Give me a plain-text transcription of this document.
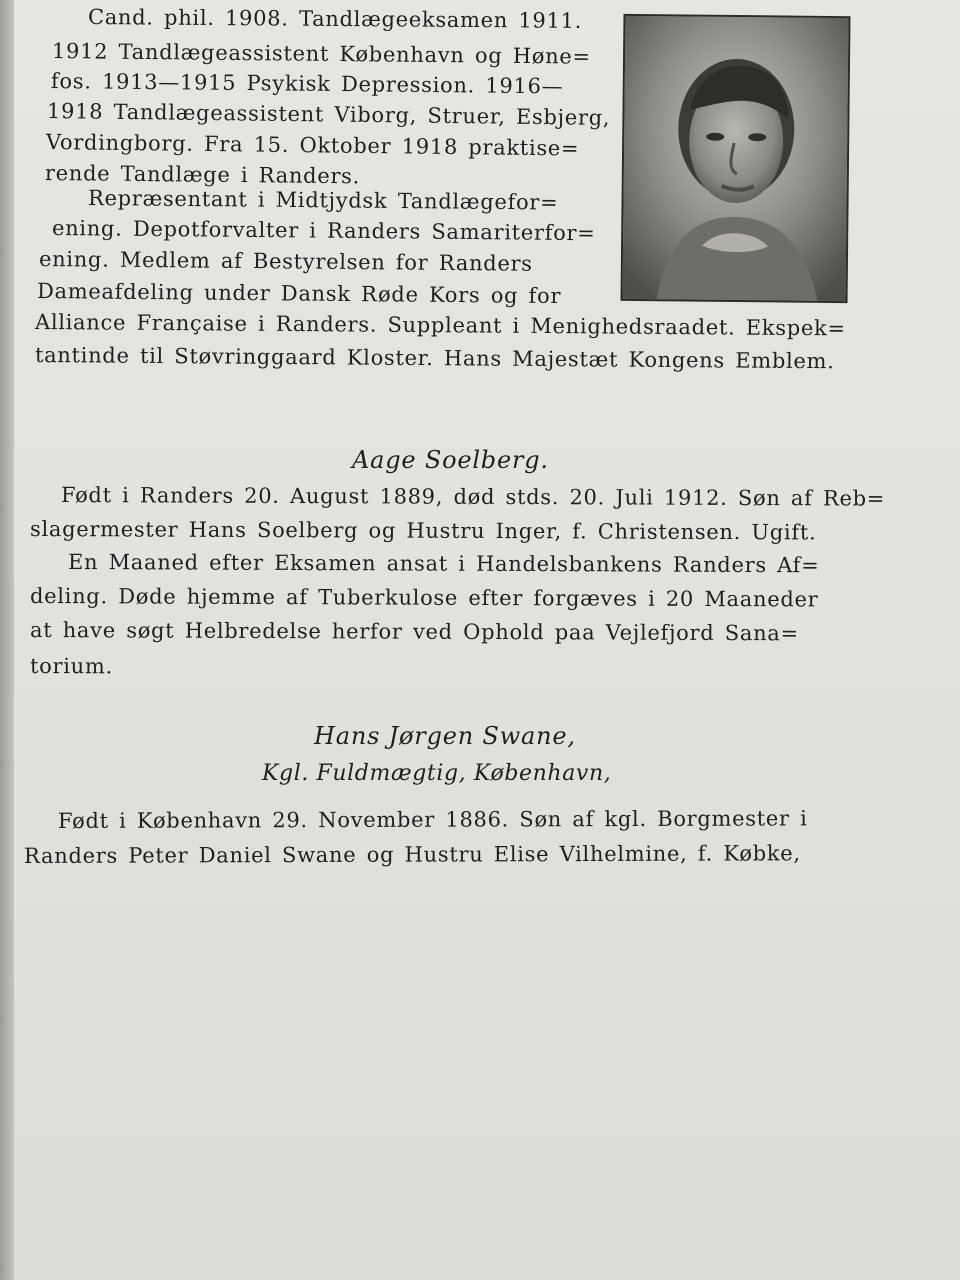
Cand. phil. 1908. Tandlægeeksamen 1911.
1912 Tandlægeassistent København og Høne=
fos. 1913—1915 Psykisk Depression. 1916—
1918 Tandlægeassistent Viborg, Struer, Esbjerg,
Vordingborg. Fra 15. Oktober 1918 praktise=
rende Tandlæge i Randers.
Repræsentant i Midtjydsk Tandlægefor=
ening. Depotforvalter i Randers Samariterfor=
ening. Medlem af Bestyrelsen for Randers
Dameafdeling under Dansk Røde Kors og for
Alliance Française i Randers. Suppleant i Menighedsraadet. Ekspek=
tantinde til Støvringgaard Kloster. Hans Majestæt Kongens Emblem.
Aage Soelberg.
Født i Randers 20. August 1889, død stds. 20. Juli 1912. Søn af Reb=
slagermester Hans Soelberg og Hustru Inger, f. Christensen. Ugift.
En Maaned efter Eksamen ansat i Handelsbankens Randers Af=
deling. Døde hjemme af Tuberkulose efter forgæves i 20 Maaneder
at have søgt Helbredelse herfor ved Ophold paa Vejlefjord Sana=
torium.
Hans Jørgen Swane,
Kgl. Fuldmægtig, København,
Født i København 29. November 1886. Søn af kgl. Borgmester i
Randers Peter Daniel Swane og Hustru Elise Vilhelmine, f. Købke,
